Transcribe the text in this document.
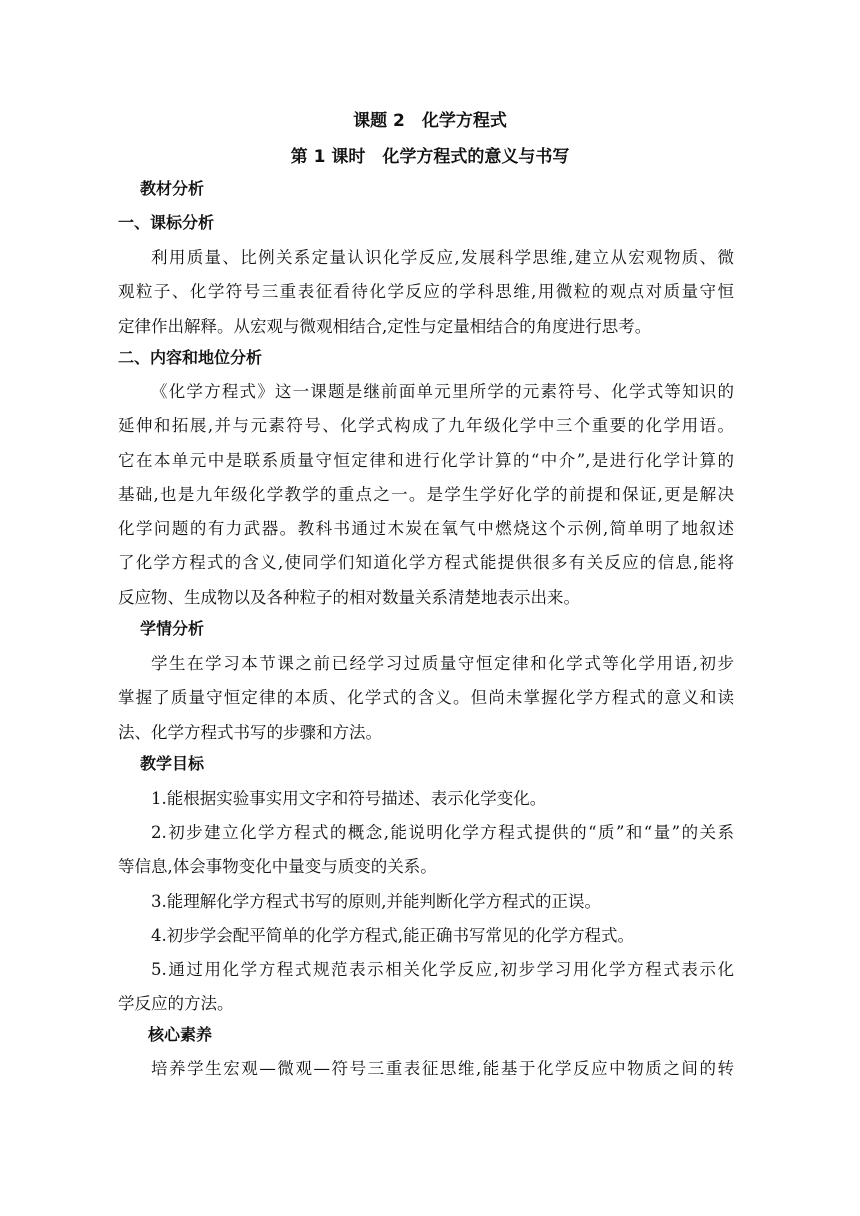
课题 2　化学方程式
第 1 课时　化学方程式的意义与书写
教材分析
一、课标分析
利用质量、比例关系定量认识化学反应,发展科学思维,建立从宏观物质、微
观粒子、化学符号三重表征看待化学反应的学科思维,用微粒的观点对质量守恒
定律作出解释。从宏观与微观相结合,定性与定量相结合的角度进行思考。
二、内容和地位分析
《化学方程式》这一课题是继前面单元里所学的元素符号、化学式等知识的
延伸和拓展,并与元素符号、化学式构成了九年级化学中三个重要的化学用语。
它在本单元中是联系质量守恒定律和进行化学计算的“中介”,是进行化学计算的
基础,也是九年级化学教学的重点之一。是学生学好化学的前提和保证,更是解决
化学问题的有力武器。教科书通过木炭在氧气中燃烧这个示例,简单明了地叙述
了化学方程式的含义,使同学们知道化学方程式能提供很多有关反应的信息,能将
反应物、生成物以及各种粒子的相对数量关系清楚地表示出来。
学情分析
学生在学习本节课之前已经学习过质量守恒定律和化学式等化学用语,初步
掌握了质量守恒定律的本质、化学式的含义。但尚未掌握化学方程式的意义和读
法、化学方程式书写的步骤和方法。
教学目标
1.能根据实验事实用文字和符号描述、表示化学变化。
2.初步建立化学方程式的概念,能说明化学方程式提供的“质”和“量”的关系
等信息,体会事物变化中量变与质变的关系。
3.能理解化学方程式书写的原则,并能判断化学方程式的正误。
4.初步学会配平简单的化学方程式,能正确书写常见的化学方程式。
5.通过用化学方程式规范表示相关化学反应,初步学习用化学方程式表示化
学反应的方法。
核心素养
培养学生宏观—微观—符号三重表征思维,能基于化学反应中物质之间的转
